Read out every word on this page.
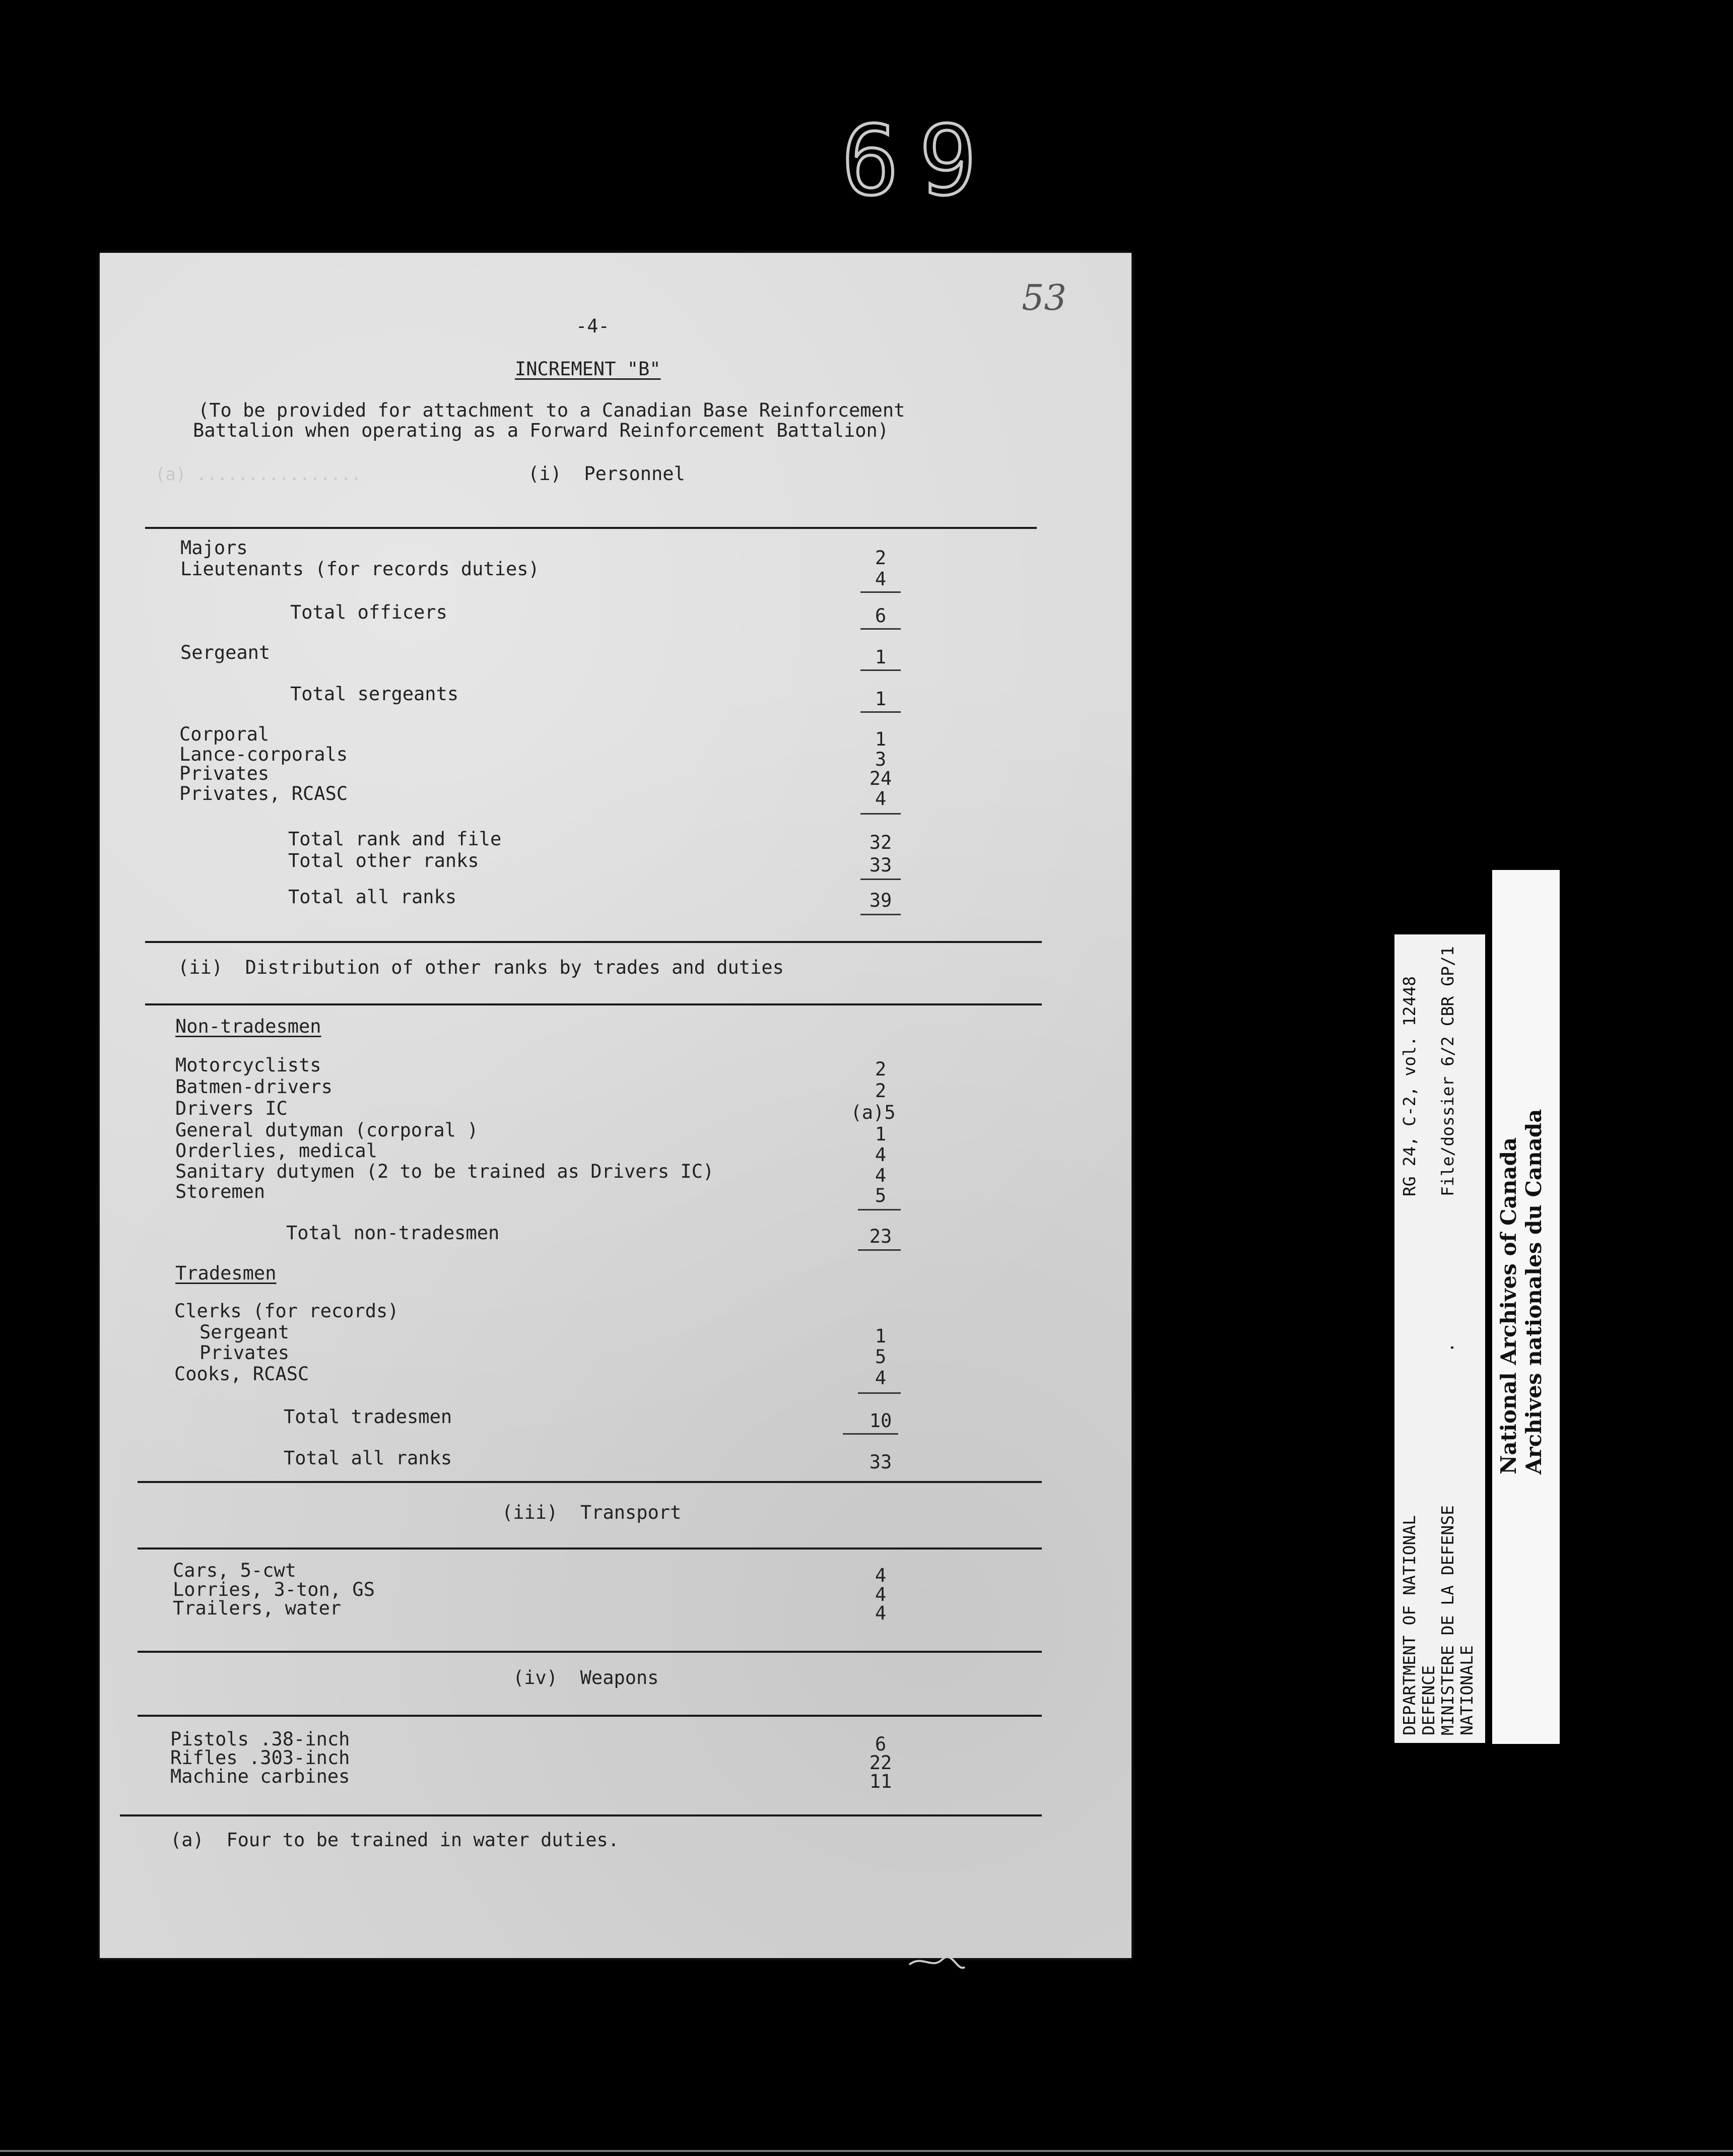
69
53
(a) ................
-4-
INCREMENT "B"
(To be provided for attachment to a Canadian Base Reinforcement
Battalion when operating as a Forward Reinforcement Battalion)
(i)  Personnel
Majors	2
Lieutenants (for records duties)	4
Total officers	6
Sergeant	1
Total sergeants	1
Corporal	1
Lance-corporals	3
Privates	24
Privates, RCASC	4
Total rank and file	32
Total other ranks	33
Total all ranks	39
(ii)  Distribution of other ranks by trades and duties
Non-tradesmen
Motorcyclists	2
Batmen-drivers	2
Drivers IC	(a)5
General dutyman (corporal )	1
Orderlies, medical	4
Sanitary dutymen (2 to be trained as Drivers IC)	4
Storemen	5
Total non-tradesmen	23
Tradesmen
Clerks (for records)
Sergeant	1
Privates	5
Cooks, RCASC	4
Total tradesmen	10
Total all ranks	33
(iii)  Transport
Cars, 5-cwt	4
Lorries, 3-ton, GS	4
Trailers, water	4
(iv)  Weapons
Pistols .38-inch	6
Rifles .303-inch	22
Machine carbines	11
(a)  Four to be trained in water duties.
DEPARTMENT OF NATIONAL DEFENCE MINISTERE DE LA DEFENSE NATIONALE
RG 24, C-2, vol. 12448 File/dossier 6/2 CBR GP/1
. National Archives of Canada Archives nationales du Canada
